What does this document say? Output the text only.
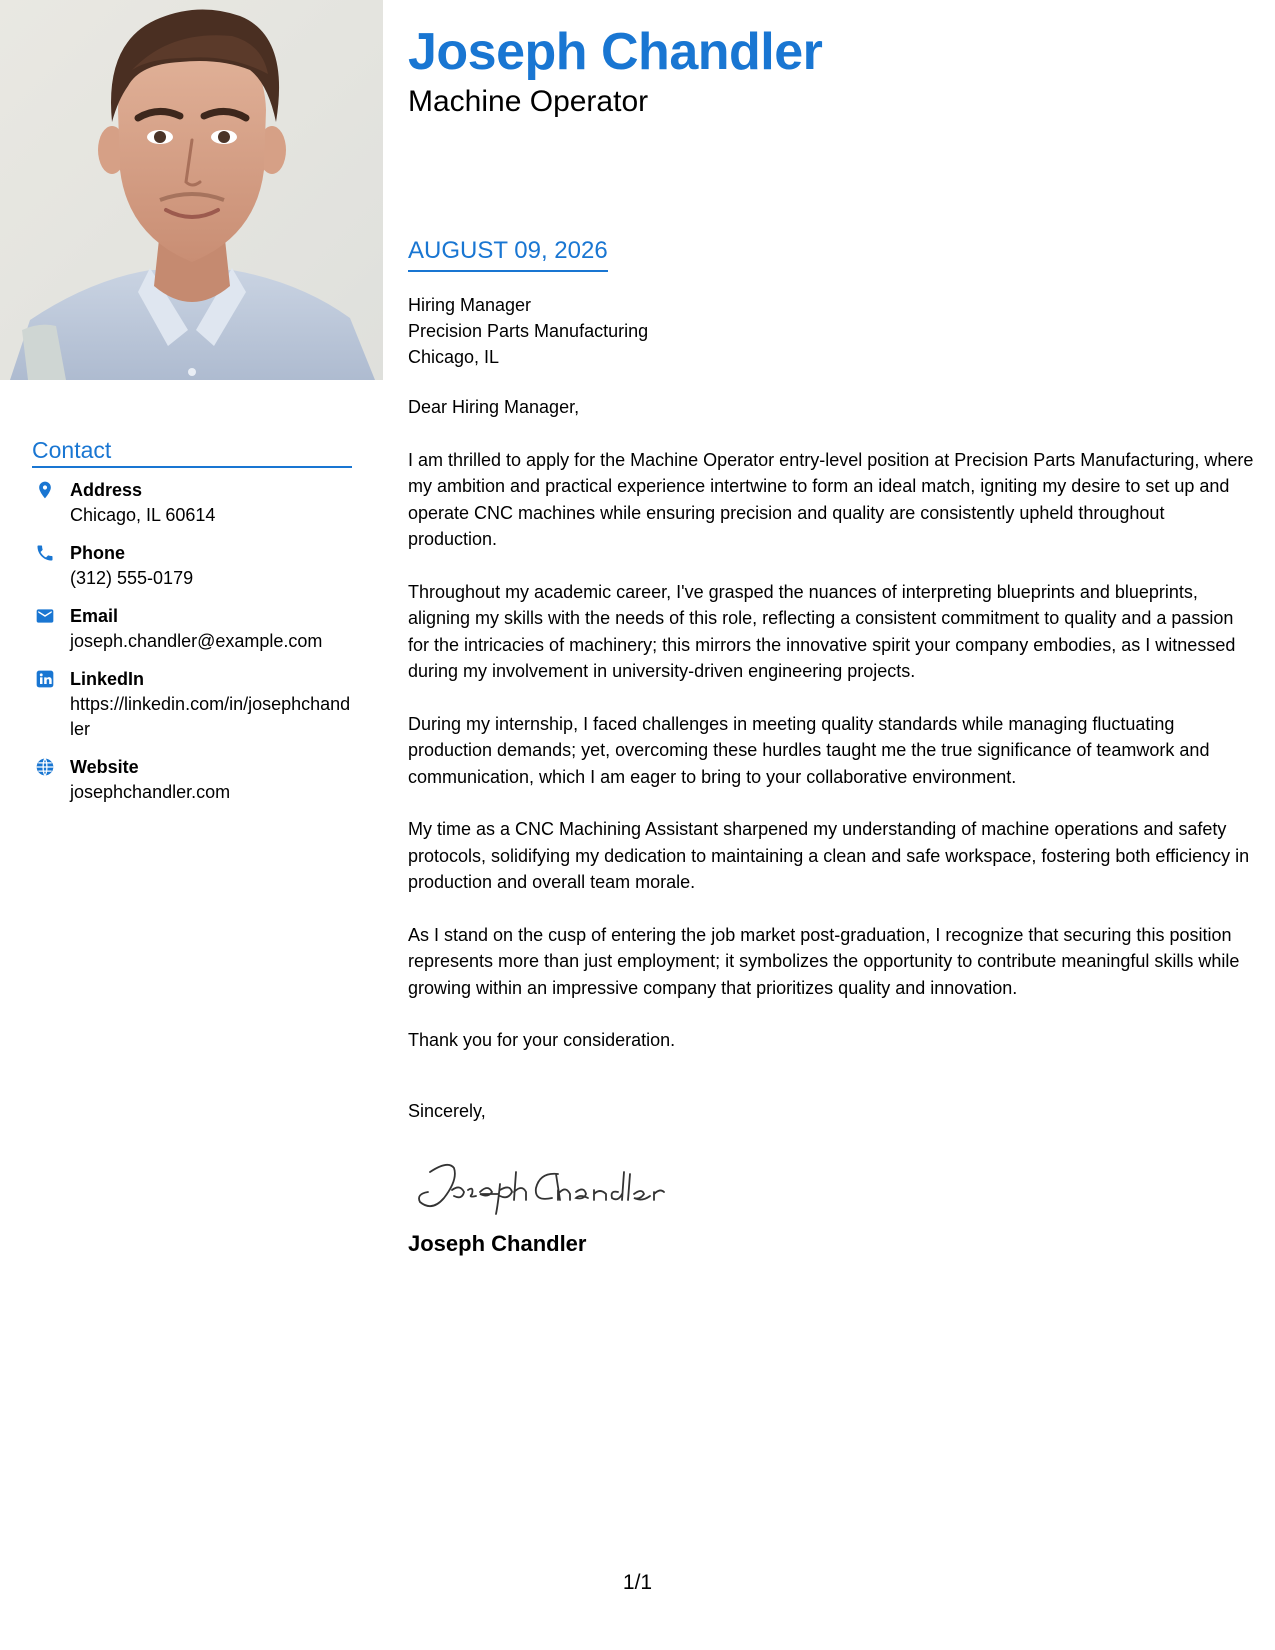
Contact
Address
Chicago, IL 60614
Phone
(312) 555-0179
Email
joseph.chandler@example.com
LinkedIn
https://linkedin.com/in/josephchandler
Website
josephchandler.com
Joseph Chandler
Machine Operator
AUGUST 09, 2026
Hiring Manager
Precision Parts Manufacturing
Chicago, IL

Dear Hiring Manager,

I am thrilled to apply for the Machine Operator entry-level position at Precision Parts Manufacturing, where my ambition and practical experience intertwine to form an ideal match, igniting my desire to set up and operate CNC machines while ensuring precision and quality are consistently upheld throughout production.

Throughout my academic career, I've grasped the nuances of interpreting blueprints and blueprints, aligning my skills with the needs of this role, reflecting a consistent commitment to quality and a passion for the intricacies of machinery; this mirrors the innovative spirit your company embodies, as I witnessed during my involvement in university-driven engineering projects.

During my internship, I faced challenges in meeting quality standards while managing fluctuating production demands; yet, overcoming these hurdles taught me the true significance of teamwork and communication, which I am eager to bring to your collaborative environment.

My time as a CNC Machining Assistant sharpened my understanding of machine operations and safety protocols, solidifying my dedication to maintaining a clean and safe workspace, fostering both efficiency in production and overall team morale.

As I stand on the cusp of entering the job market post-graduation, I recognize that securing this position represents more than just employment; it symbolizes the opportunity to contribute meaningful skills while growing within an impressive company that prioritizes quality and innovation.

Thank you for your consideration.

Sincerely,
Joseph Chandler
1/1
